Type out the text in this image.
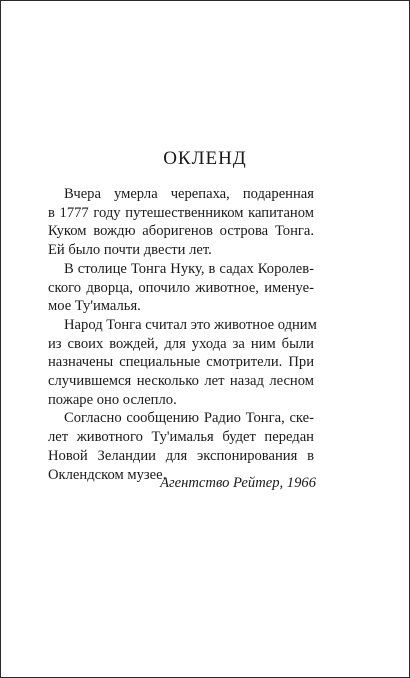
ОКЛЕНД
Вчера умерла черепаха, подаренная
в 1777 году путешественником капитаном
Куком вождю аборигенов острова Тонга.
Ей было почти двести лет.
В столице Тонга Нуку, в садах Королев-
ского дворца, опочило животное, именуе-
мое Ту'ималья.
Народ Тонга считал это животное одним
из своих вождей, для ухода за ним были
назначены специальные смотрители. При
случившемся несколько лет назад лесном
пожаре оно ослепло.
Согласно сообщению Радио Тонга, ске-
лет животного Ту'ималья будет передан
Новой Зеландии для экспонирования в
Оклендском музее.
Агентство Рейтер, 1966
